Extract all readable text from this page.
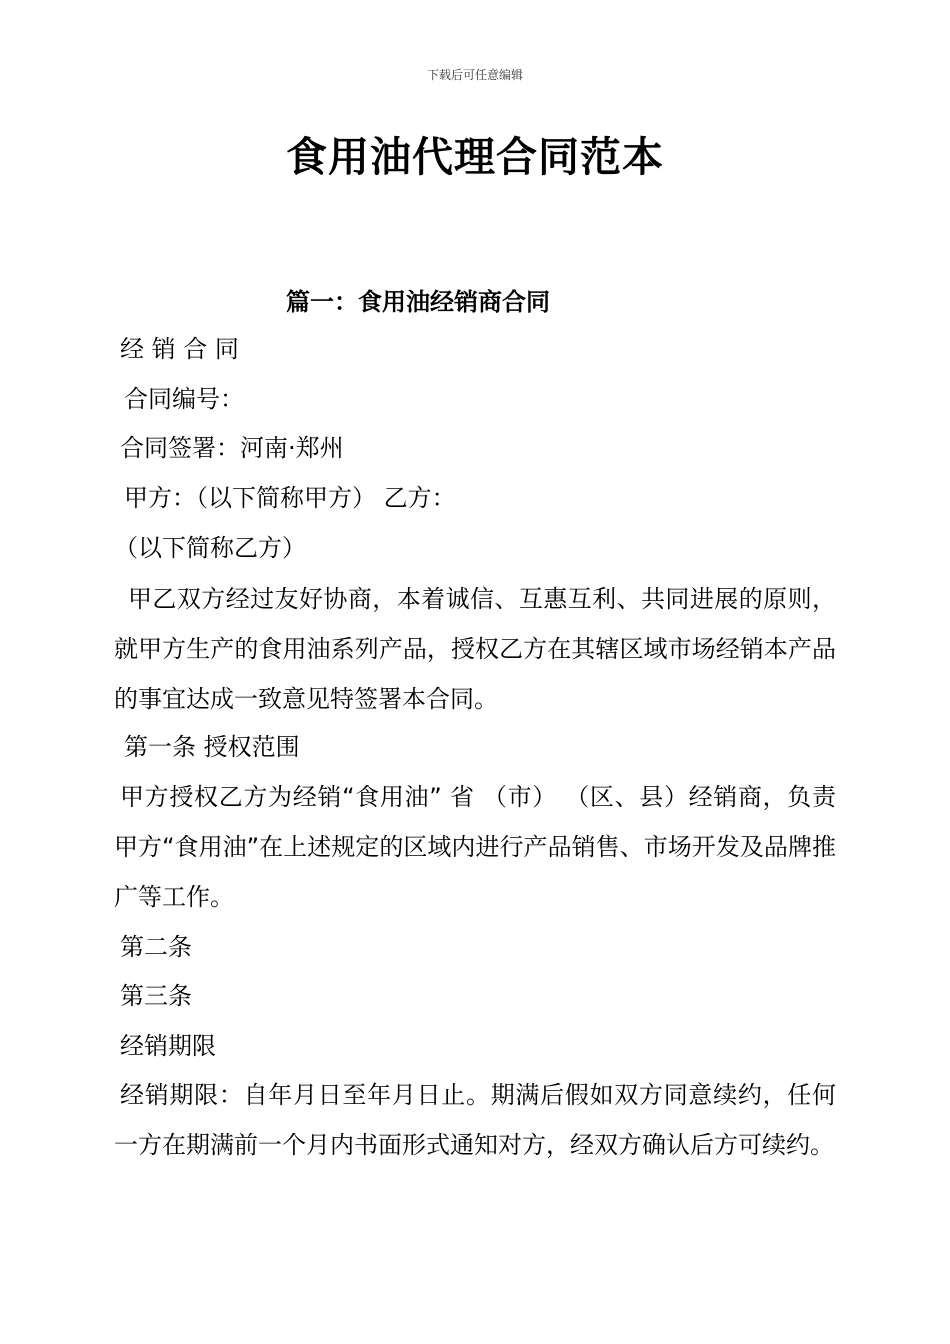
下载后可任意编辑
食用油代理合同范本
篇一：食用油经销商合同
经 销 合 同
合同编号：
合同签署：河南·郑州
甲方：（以下简称甲方） 乙方：
（以下简称乙方）
甲乙双方经过友好协商，本着诚信、互惠互利、共同进展的原则，就甲方生产的食用油系列产品，授权乙方在其辖区域市场经销本产品的事宜达成一致意见特签署本合同。
第一条 授权范围
甲方授权乙方为经销“食用油” 省 （市） （区、县）经销商，负责甲方“食用油”在上述规定的区域内进行产品销售、市场开发及品牌推广等工作。
第二条
第三条
经销期限
经销期限：自年月日至年月日止。期满后假如双方同意续约，任何一方在期满前一个月内书面形式通知对方，经双方确认后方可续约。
